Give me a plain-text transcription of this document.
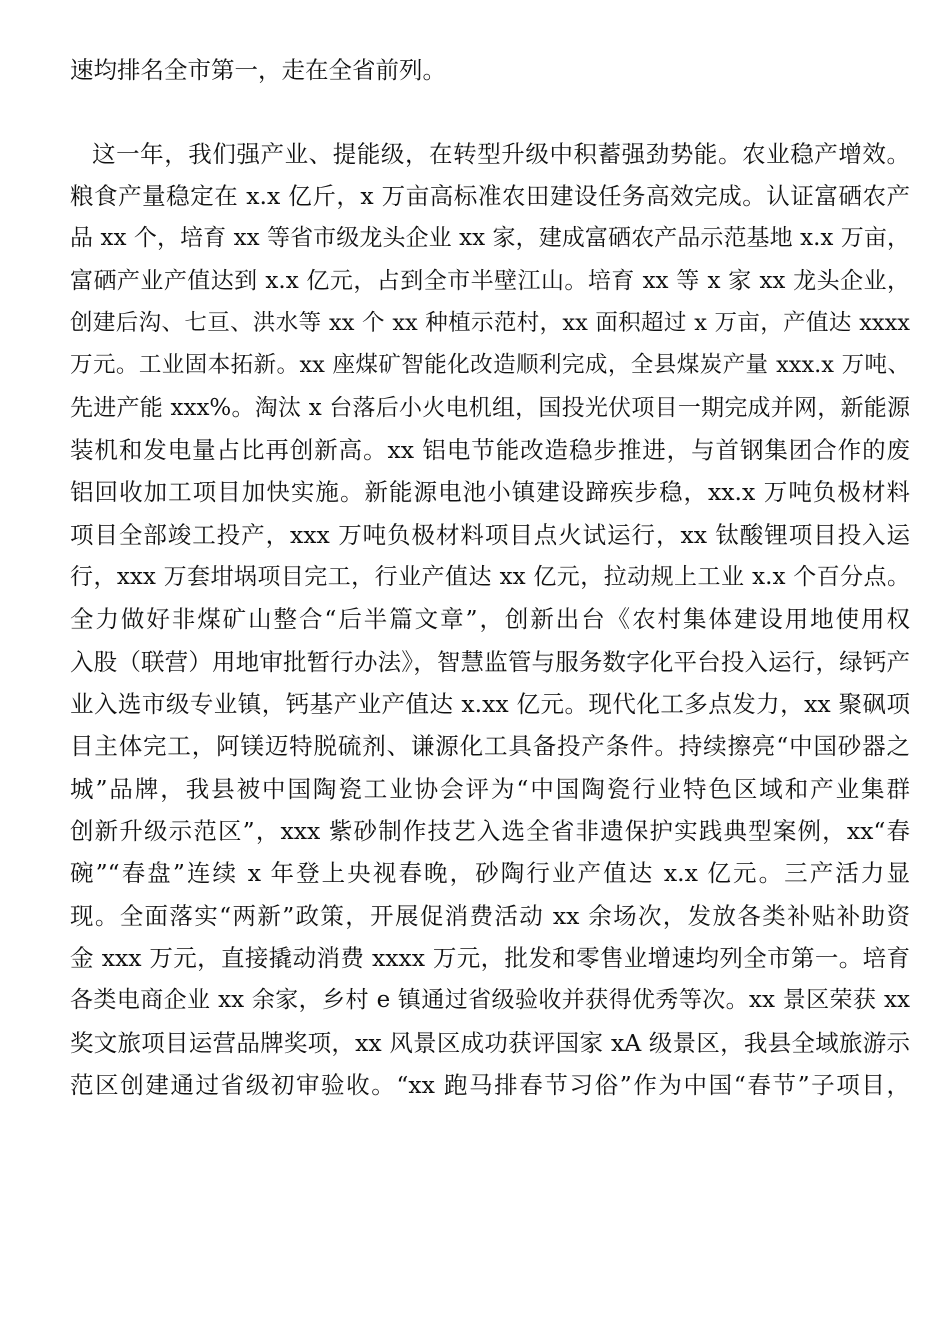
速均排名全市第一，走在全省前列。
这一年，我们强产业、提能级，在转型升级中积蓄强劲势能。农业稳产增效。
粮食产量稳定在 x.x 亿斤，x 万亩高标准农田建设任务高效完成。认证富硒农产
品 xx 个，培育 xx 等省市级龙头企业 xx 家，建成富硒农产品示范基地 x.x 万亩，
富硒产业产值达到 x.x 亿元，占到全市半壁江山。培育 xx 等 x 家 xx 龙头企业，
创建后沟、七亘、洪水等 xx 个 xx 种植示范村，xx 面积超过 x 万亩，产值达 xxxx
万元。工业固本拓新。xx 座煤矿智能化改造顺利完成，全县煤炭产量 xxx.x 万吨、
先进产能 xxx%。淘汰 x 台落后小火电机组，国投光伏项目一期完成并网，新能源
装机和发电量占比再创新高。xx 铝电节能改造稳步推进，与首钢集团合作的废
铝回收加工项目加快实施。新能源电池小镇建设蹄疾步稳，xx.x 万吨负极材料
项目全部竣工投产，xxx 万吨负极材料项目点火试运行，xx 钛酸锂项目投入运
行，xxx 万套坩埚项目完工，行业产值达 xx 亿元，拉动规上工业 x.x 个百分点。
全力做好非煤矿山整合“后半篇文章”，创新出台《农村集体建设用地使用权
入股（联营）用地审批暂行办法》，智慧监管与服务数字化平台投入运行，绿钙产
业入选市级专业镇，钙基产业产值达 x.xx 亿元。现代化工多点发力，xx 聚砜项
目主体完工，阿镁迈特脱硫剂、谦源化工具备投产条件。持续擦亮“中国砂器之
城”品牌，我县被中国陶瓷工业协会评为“中国陶瓷行业特色区域和产业集群
创新升级示范区”，xxx 紫砂制作技艺入选全省非遗保护实践典型案例，xx“春
碗”“春盘”连续 x 年登上央视春晚，砂陶行业产值达 x.x 亿元。三产活力显
现。全面落实“两新”政策，开展促消费活动 xx 余场次，发放各类补贴补助资
金 xxx 万元，直接撬动消费 xxxx 万元，批发和零售业增速均列全市第一。培育
各类电商企业 xx 余家，乡村 e 镇通过省级验收并获得优秀等次。xx 景区荣获 xx
奖文旅项目运营品牌奖项，xx 风景区成功获评国家 xA 级景区，我县全域旅游示
范区创建通过省级初审验收。“xx 跑马排春节习俗”作为中国“春节”子项目，
